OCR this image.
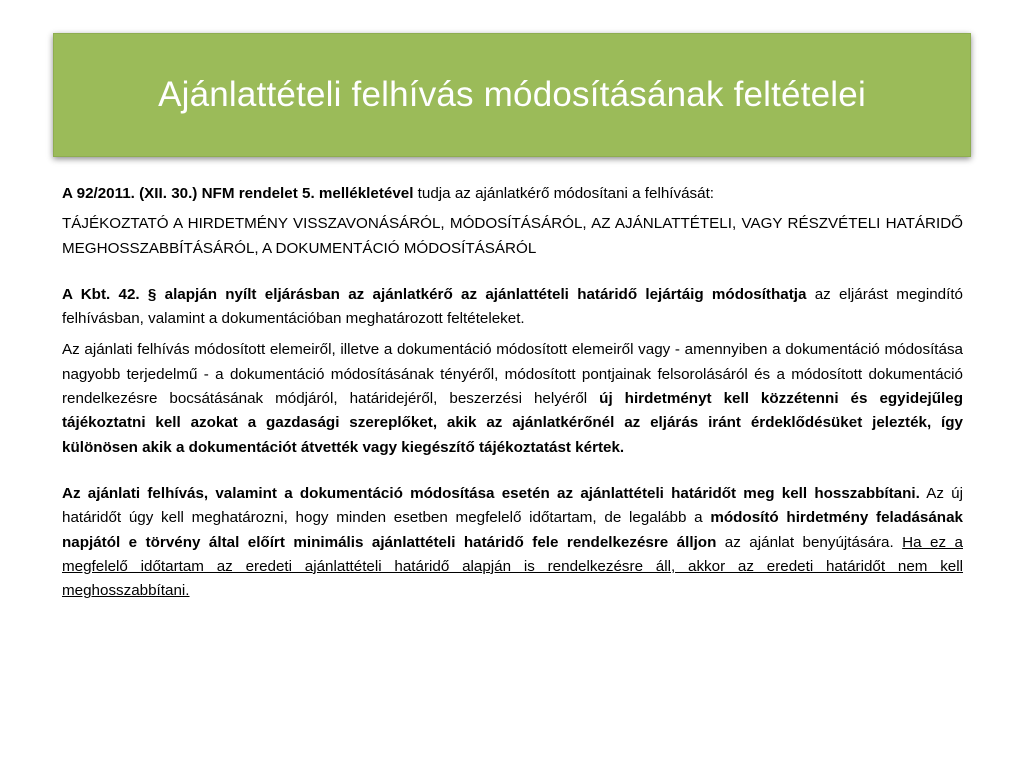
Ajánlattételi felhívás módosításának feltételei

A 92/2011. (XII. 30.) NFM rendelet 5. mellékletével tudja az ajánlatkérő módosítani a felhívását:

TÁJÉKOZTATÓ A HIRDETMÉNY VISSZAVONÁSÁRÓL, MÓDOSÍTÁSÁRÓL, AZ AJÁNLATTÉTELI, VAGY RÉSZVÉTELI HATÁRIDŐ MEGHOSSZABBÍTÁSÁRÓL, A DOKUMENTÁCIÓ MÓDOSÍTÁSÁRÓL

A Kbt. 42. § alapján nyílt eljárásban az ajánlatkérő az ajánlattételi határidő lejártáig módosíthatja az eljárást megindító felhívásban, valamint a dokumentációban meghatározott feltételeket.

Az ajánlati felhívás módosított elemeiről, illetve a dokumentáció módosított elemeiről vagy - amennyiben a dokumentáció módosítása nagyobb terjedelmű - a dokumentáció módosításának tényéről, módosított pontjainak felsorolásáról és a módosított dokumentáció rendelkezésre bocsátásának módjáról, határidejéről, beszerzési helyéről új hirdetményt kell közzétenni és egyidejűleg tájékoztatni kell azokat a gazdasági szereplőket, akik az ajánlatkérőnél az eljárás iránt érdeklődésüket jelezték, így különösen akik a dokumentációt átvették vagy kiegészítő tájékoztatást kértek.

Az ajánlati felhívás, valamint a dokumentáció módosítása esetén az ajánlattételi határidőt meg kell hosszabbítani. Az új határidőt úgy kell meghatározni, hogy minden esetben megfelelő időtartam, de legalább a módosító hirdetmény feladásának napjától e törvény által előírt minimális ajánlattételi határidő fele rendelkezésre álljon az ajánlat benyújtására. Ha ez a megfelelő időtartam az eredeti ajánlattételi határidő alapján is rendelkezésre áll, akkor az eredeti határidőt nem kell meghosszabbítani.
